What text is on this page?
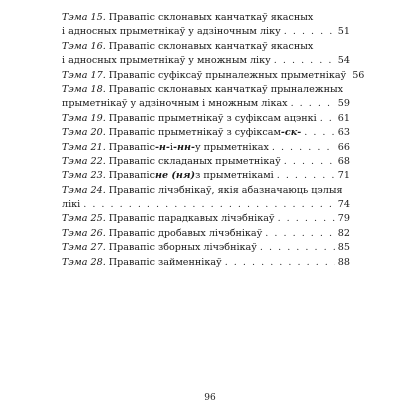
Тэма 15. Правапіс склонавых канчаткаў якасных
і адносных прыметнікаў у адзіночным ліку . . .	51
Тэма 16. Правапіс склонавых канчаткаў якасных
і адносных прыметнікаў у множным ліку . . .	54
Тэма 17. Правапіс суфіксаў прыналежных прыметнікаў 56
Тэма 18. Правапіс склонавых канчаткаў прыналежных
прыметнікаў у адзіночным і множным ліках . . .	59
Тэма 19. Правапіс прыметнікаў з суфіксам ацэнкі . . . 61
Тэма 20. Правапіс прыметнікаў з суфіксам -ск- . . .	63
Тэма 21. Правапіс -н- і -нн- у прыметніках . . .	66
Тэма 22. Правапіс складаных прыметнікаў . . .	68
Тэма 23. Правапіс не (ня) з прыметнікамі . . .	71
Тэма 24. Правапіс лічэбнікаў, якія абазначаюць цэлыя
лікі . . .	74
Тэма 25. Правапіс парадкавых лічэбнікаў . . .	79
Тэма 26. Правапіс дробавых лічэбнікаў . . .	82
Тэма 27. Правапіс зборных лічэбнікаў . . .	85
Тэма 28. Правапіс займеннікаў . . .	88
96
